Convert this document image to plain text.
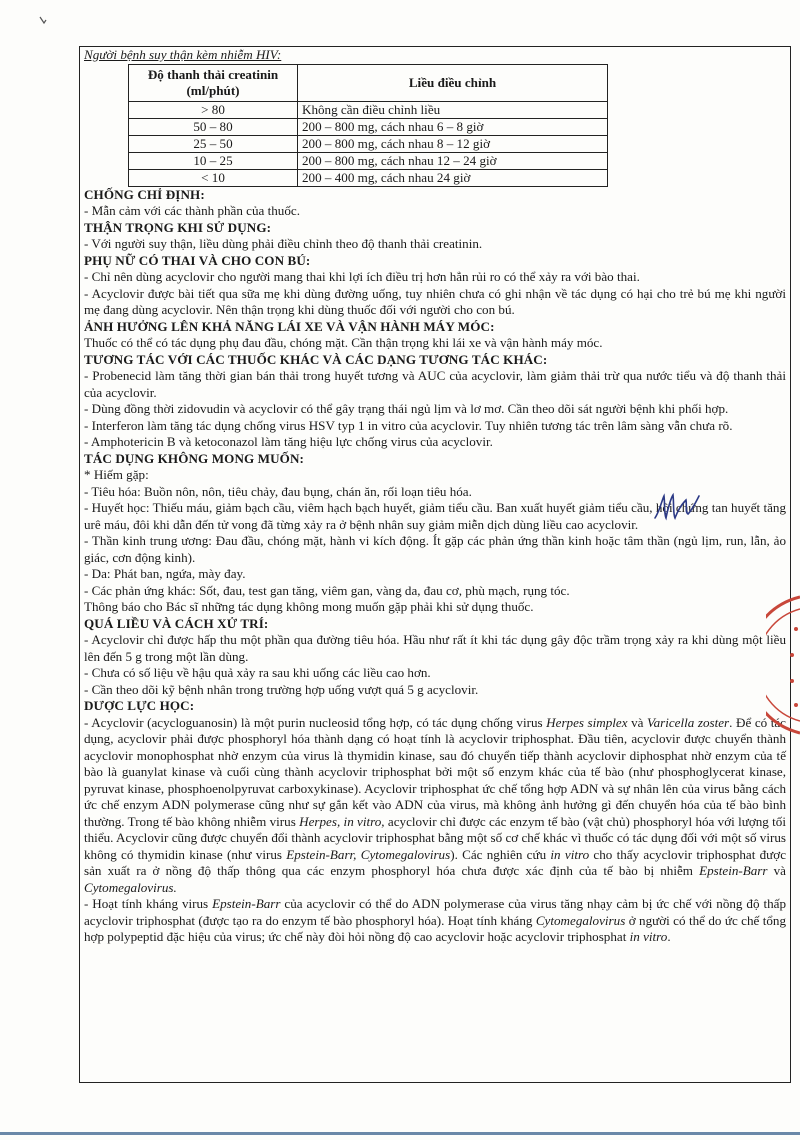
Người bệnh suy thận kèm nhiễm HIV:

Độ thanh thải creatinin (ml/phút)	Liều điều chỉnh
> 80	Không cần điều chỉnh liều
50 – 80	200 – 800 mg, cách nhau 6 – 8 giờ
25 – 50	200 – 800 mg, cách nhau 8 – 12 giờ
10 – 25	200 – 800 mg, cách nhau 12 – 24 giờ
< 10	200 – 400 mg, cách nhau 24 giờ

CHỐNG CHỈ ĐỊNH:

- Mẫn cảm với các thành phần của thuốc.

THẬN TRỌNG KHI SỬ DỤNG:

- Với người suy thận, liều dùng phải điều chỉnh theo độ thanh thải creatinin.

PHỤ NỮ CÓ THAI VÀ CHO CON BÚ:

- Chỉ nên dùng acyclovir cho người mang thai khi lợi ích điều trị hơn hẳn rủi ro có thể xảy ra với bào thai.

- Acyclovir được bài tiết qua sữa mẹ khi dùng đường uống, tuy nhiên chưa có ghi nhận về tác dụng có hại cho trẻ bú mẹ khi người mẹ đang dùng acyclovir. Nên thận trọng khi dùng thuốc đối với người cho con bú.

ẢNH HƯỞNG LÊN KHẢ NĂNG LÁI XE VÀ VẬN HÀNH MÁY MÓC:

Thuốc có thể có tác dụng phụ đau đầu, chóng mặt. Cần thận trọng khi lái xe và vận hành máy móc.

TƯƠNG TÁC VỚI CÁC THUỐC KHÁC VÀ CÁC DẠNG TƯƠNG TÁC KHÁC:

- Probenecid làm tăng thời gian bán thải trong huyết tương và AUC của acyclovir, làm giảm thải trừ qua nước tiểu và độ thanh thải của acyclovir.

- Dùng đồng thời zidovudin và acyclovir có thể gây trạng thái ngủ lịm và lơ mơ. Cần theo dõi sát người bệnh khi phối hợp.

- Interferon làm tăng tác dụng chống virus HSV typ 1 in vitro của acyclovir. Tuy nhiên tương tác trên lâm sàng vẫn chưa rõ.

- Amphotericin B và ketoconazol làm tăng hiệu lực chống virus của acyclovir.

TÁC DỤNG KHÔNG MONG MUỐN:

* Hiếm gặp:

- Tiêu hóa: Buồn nôn, nôn, tiêu chảy, đau bụng, chán ăn, rối loạn tiêu hóa.

- Huyết học: Thiếu máu, giảm bạch cầu, viêm hạch bạch huyết, giảm tiểu cầu. Ban xuất huyết giảm tiểu cầu, hội chứng tan huyết tăng urê máu, đôi khi dẫn đến tử vong đã từng xảy ra ở bệnh nhân suy giảm miễn dịch dùng liều cao acyclovir.

- Thần kinh trung ương: Đau đầu, chóng mặt, hành vi kích động. Ít gặp các phản ứng thần kinh hoặc tâm thần (ngủ lịm, run, lẫn, ảo giác, cơn động kinh).

- Da: Phát ban, ngứa, mày đay.

- Các phản ứng khác: Sốt, đau, test gan tăng, viêm gan, vàng da, đau cơ, phù mạch, rụng tóc.

Thông báo cho Bác sĩ những tác dụng không mong muốn gặp phải khi sử dụng thuốc.

QUÁ LIỀU VÀ CÁCH XỬ TRÍ:

- Acyclovir chỉ được hấp thu một phần qua đường tiêu hóa. Hầu như rất ít khi tác dụng gây độc trầm trọng xảy ra khi dùng một liều lên đến 5 g trong một lần dùng.

- Chưa có số liệu về hậu quả xảy ra sau khi uống các liều cao hơn.

- Cần theo dõi kỹ bệnh nhân trong trường hợp uống vượt quá 5 g acyclovir.

DƯỢC LỰC HỌC:

- Acyclovir (acycloguanosin) là một purin nucleosid tổng hợp, có tác dụng chống virus Herpes simplex và Varicella zoster. Để có tác dụng, acyclovir phải được phosphoryl hóa thành dạng có hoạt tính là acyclovir triphosphat. Đầu tiên, acyclovir được chuyển thành acyclovir monophosphat nhờ enzym của virus là thymidin kinase, sau đó chuyển tiếp thành acyclovir diphosphat nhờ enzym của tế bào là guanylat kinase và cuối cùng thành acyclovir triphosphat bởi một số enzym khác của tế bào (như phosphoglycerat kinase, pyruvat kinase, phosphoenolpyruvat carboxykinase). Acyclovir triphosphat ức chế tổng hợp ADN và sự nhân lên của virus bằng cách ức chế enzym ADN polymerase cũng như sự gắn kết vào ADN của virus, mà không ảnh hưởng gì đến chuyển hóa của tế bào bình thường. Trong tế bào không nhiễm virus Herpes, in vitro, acyclovir chỉ được các enzym tế bào (vật chủ) phosphoryl hóa với lượng tối thiểu. Acyclovir cũng được chuyển đổi thành acyclovir triphosphat bằng một số cơ chế khác vì thuốc có tác dụng đối với một số virus không có thymidin kinase (như virus Epstein-Barr, Cytomegalovirus). Các nghiên cứu in vitro cho thấy acyclovir triphosphat được sản xuất ra ở nồng độ thấp thông qua các enzym phosphoryl hóa chưa được xác định của tế bào bị nhiễm Epstein-Barr và Cytomegalovirus.

- Hoạt tính kháng virus Epstein-Barr của acyclovir có thể do ADN polymerase của virus tăng nhạy cảm bị ức chế với nồng độ thấp acyclovir triphosphat (được tạo ra do enzym tế bào phosphoryl hóa). Hoạt tính kháng Cytomegalovirus ở người có thể do ức chế tổng hợp polypeptid đặc hiệu của virus; ức chế này đòi hỏi nồng độ cao acyclovir hoặc acyclovir triphosphat in vitro.
